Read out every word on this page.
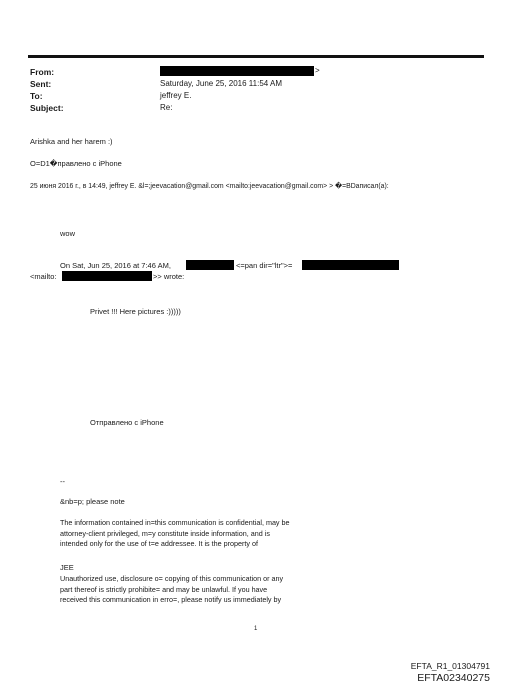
From:
Sent:
To:
Subject:
>
Saturday, June 25, 2016 11:54 AM
jeffrey E.
Re:
Arishka and her harem :)
O=D1�правлено с iPhone
25 июня 2016 г., в 14:49, jeffrey E. &l=;jeevacation@gmail.com <mailto:jeevacation@gmail.com> > �=BDаписал(а):
wow
On Sat, Jun 25, 2016 at 7:46 AM,	<=pan dir="ltr">=
<mailto:	>> wrote:
Privet !!! Here pictures :)))))
Отправлено с iPhone
--
&nb=p; please note
The information contained in=this communication is confidential, may be attorney-client privileged, m=y constitute inside information, and is intended only for the use of t=e addressee. It is the property of
JEE
Unauthorized use, disclosure o= copying of this communication or any part thereof is strictly prohibite= and may be unlawful. If you have received this communication in erro=, please notify us immediately by
1
EFTA_R1_01304791
EFTA02340275
